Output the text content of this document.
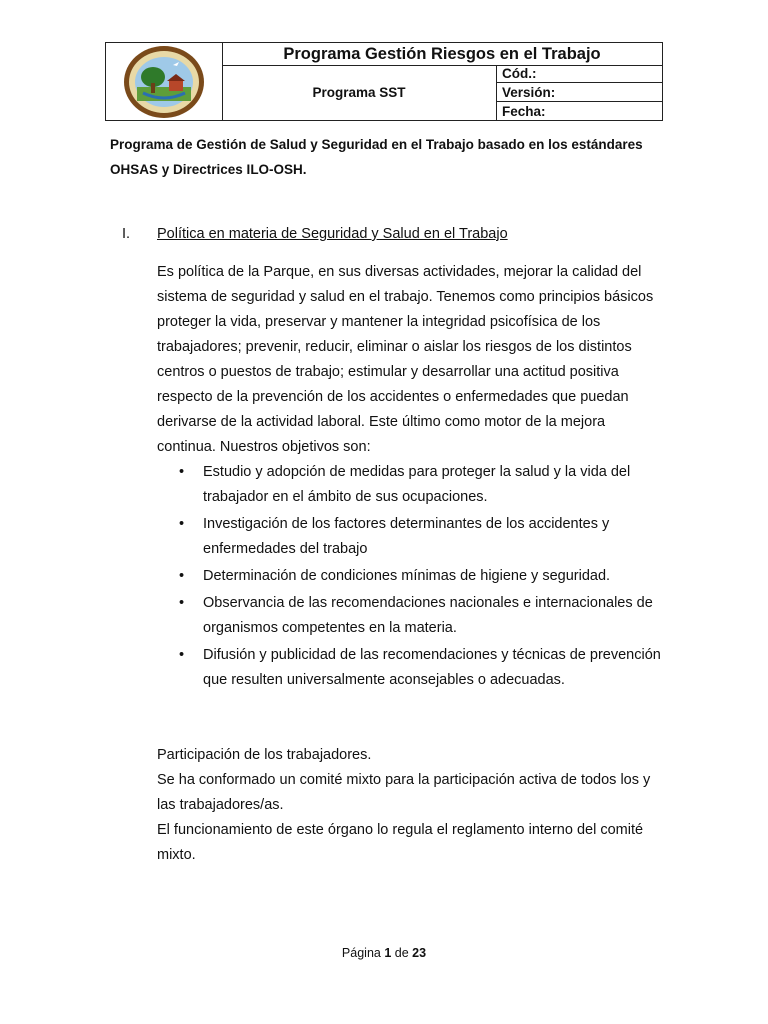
Programa Gestión Riesgos en el Trabajo
Programa SST
Cód.:
Versión:
Fecha:
Programa de Gestión de Salud y Seguridad en el Trabajo basado en los estándares OHSAS y Directrices ILO-OSH.
I. Política en materia de Seguridad y Salud en el Trabajo
Es política de la Parque, en sus diversas actividades, mejorar la calidad del sistema de seguridad y salud en el trabajo. Tenemos como principios básicos proteger la vida, preservar y mantener la integridad psicofísica de los trabajadores; prevenir, reducir, eliminar o aislar los riesgos de los distintos centros o puestos de trabajo; estimular y desarrollar una actitud positiva respecto de la prevención de los accidentes o enfermedades que puedan derivarse de la actividad laboral. Este último como motor de la mejora continua. Nuestros objetivos son:
• Estudio y adopción de medidas para proteger la salud y la vida del trabajador en el ámbito de sus ocupaciones.
• Investigación de los factores determinantes de los accidentes y enfermedades del trabajo
• Determinación de condiciones mínimas de higiene y seguridad.
• Observancia de las recomendaciones nacionales e internacionales de organismos competentes en la materia.
• Difusión y publicidad de las recomendaciones y técnicas de prevención que resulten universalmente aconsejables o adecuadas.
Participación de los trabajadores.
Se ha conformado un comité mixto para la participación activa de todos los y las trabajadores/as.
El funcionamiento de este órgano lo regula el reglamento interno del comité mixto.
Página 1 de 23
